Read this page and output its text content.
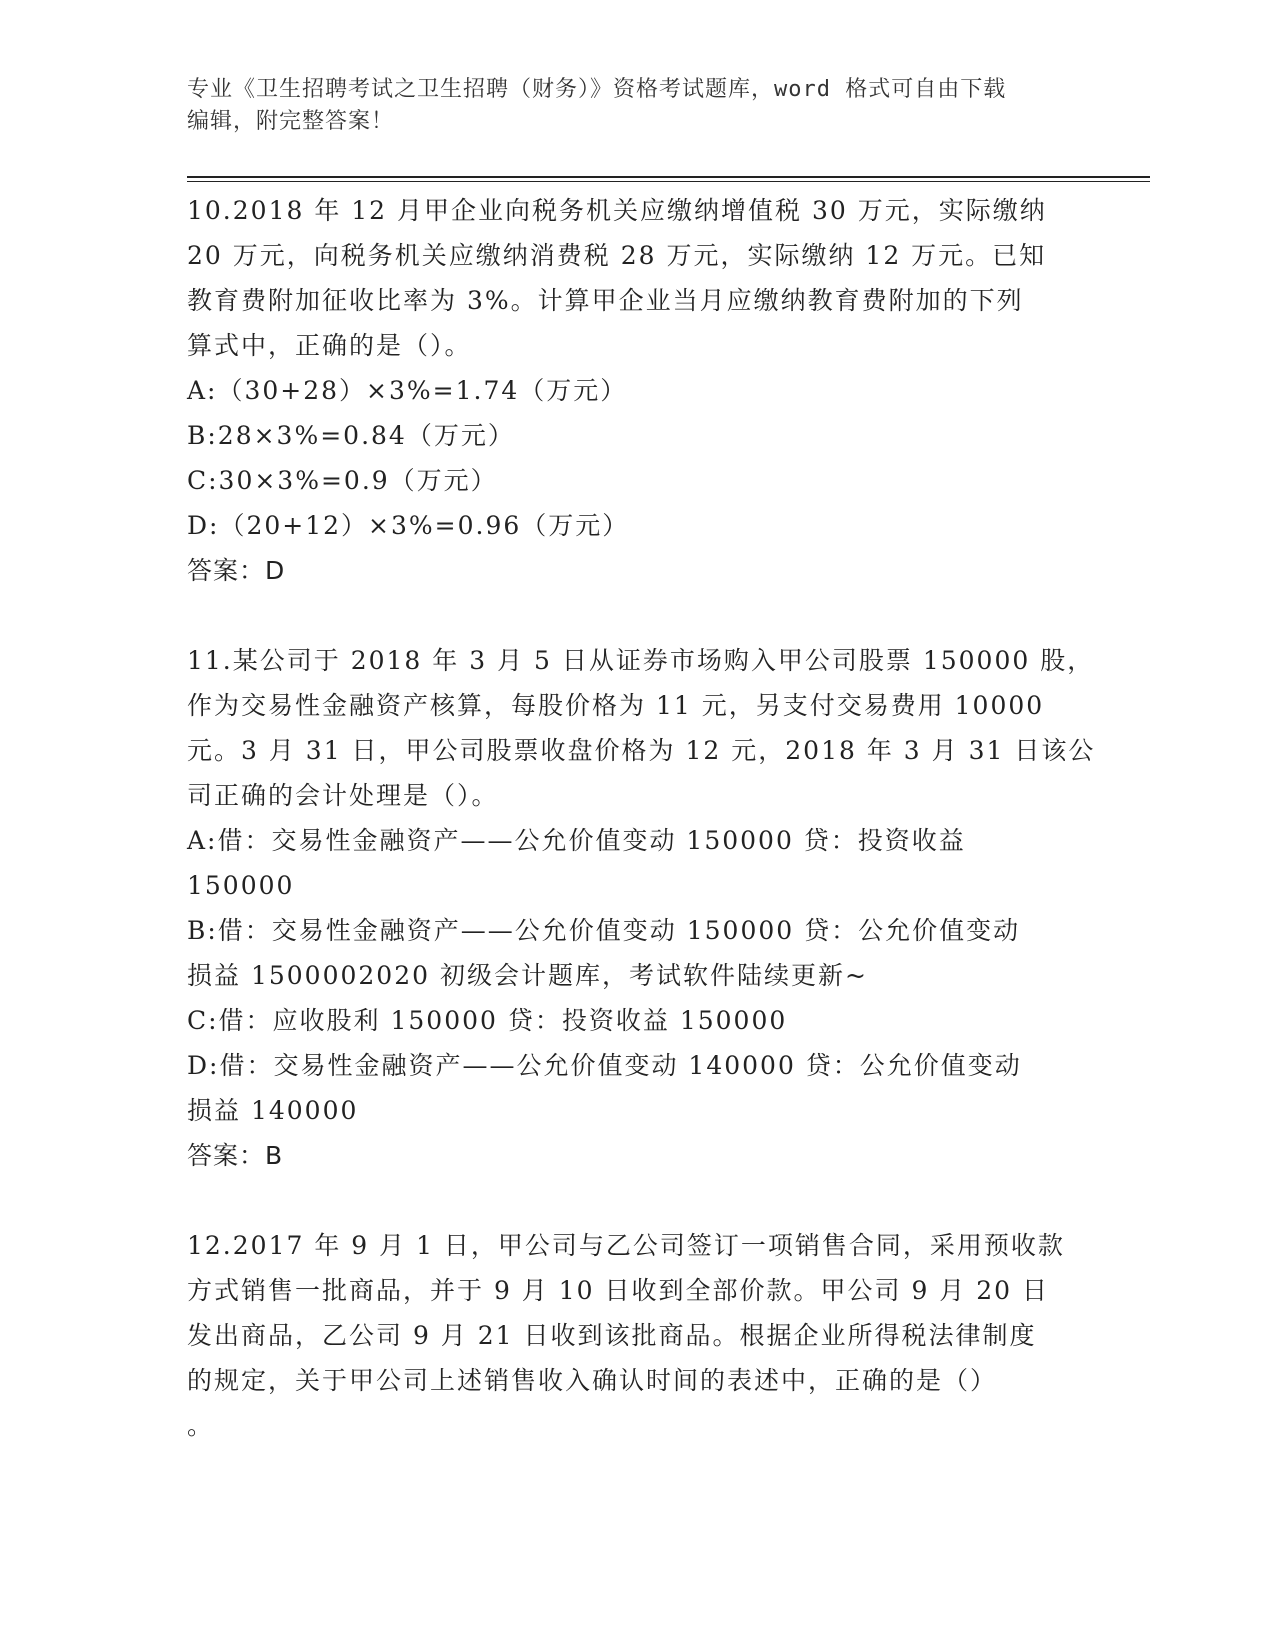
专业《卫生招聘考试之卫生招聘（财务）》资格考试题库，word 格式可自由下载
编辑，附完整答案！
10.2018 年 12 月甲企业向税务机关应缴纳增值税 30 万元，实际缴纳
20 万元，向税务机关应缴纳消费税 28 万元，实际缴纳 12 万元。已知
教育费附加征收比率为 3%。计算甲企业当月应缴纳教育费附加的下列
算式中，正确的是（）。
A:（30+28）×3%=1.74（万元）
B:28×3%=0.84（万元）
C:30×3%=0.9（万元）
D:（20+12）×3%=0.96（万元）
答案：D
11.某公司于 2018 年 3 月 5 日从证券市场购入甲公司股票 150000 股，
作为交易性金融资产核算，每股价格为 11 元，另支付交易费用 10000
元。3 月 31 日，甲公司股票收盘价格为 12 元，2018 年 3 月 31 日该公
司正确的会计处理是（）。
A:借：交易性金融资产——公允价值变动 150000 贷：投资收益
150000
B:借：交易性金融资产——公允价值变动 150000 贷：公允价值变动
损益 1500002020 初级会计题库，考试软件陆续更新~
C:借：应收股利 150000 贷：投资收益 150000
D:借：交易性金融资产——公允价值变动 140000 贷：公允价值变动
损益 140000
答案：B
12.2017 年 9 月 1 日，甲公司与乙公司签订一项销售合同，采用预收款
方式销售一批商品，并于 9 月 10 日收到全部价款。甲公司 9 月 20 日
发出商品，乙公司 9 月 21 日收到该批商品。根据企业所得税法律制度
的规定，关于甲公司上述销售收入确认时间的表述中，正确的是（）
。
